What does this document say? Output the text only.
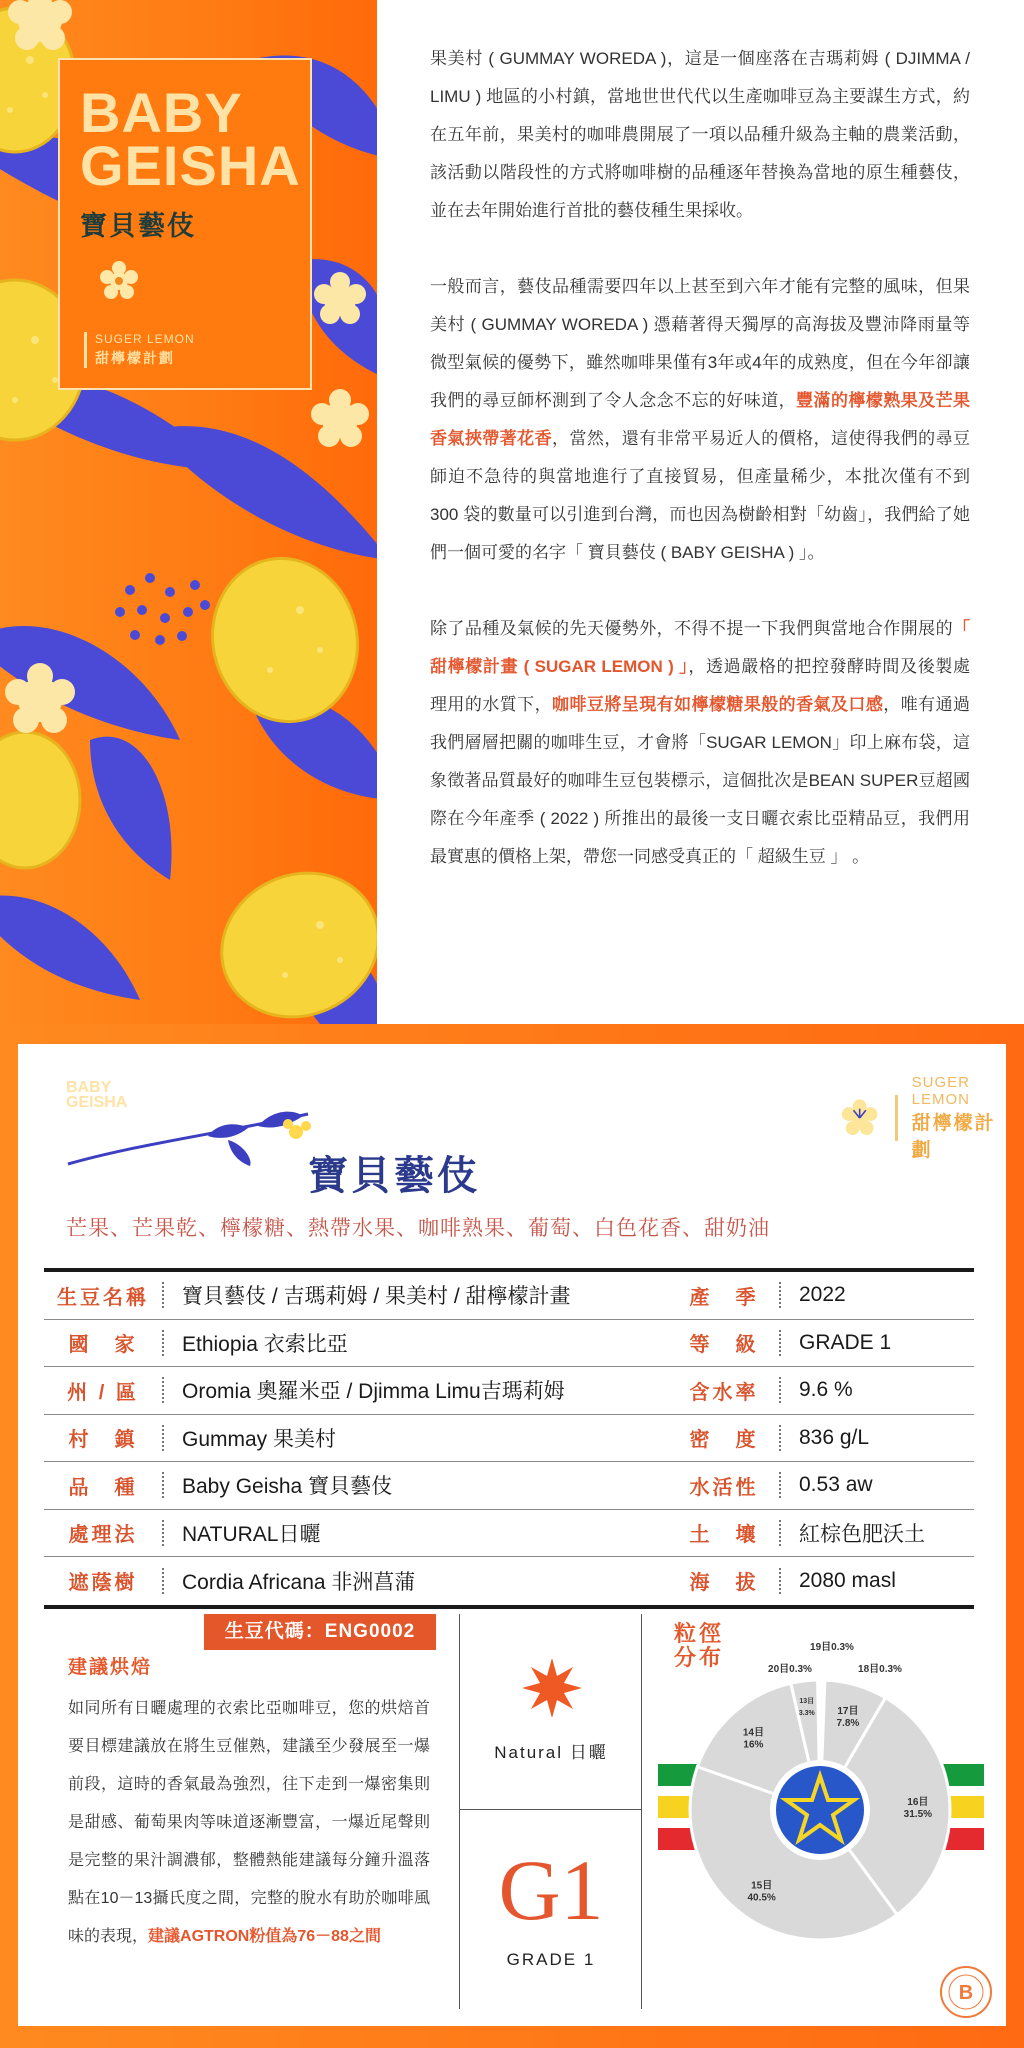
BABY
GEISHA
寶貝藝伎
SUGER LEMON
甜檸檬計劃

果美村 ( GUMMAY WOREDA )，這是一個座落在吉瑪莉姆 ( DJIMMA / LIMU ) 地區的小村鎮，當地世世代代以生產咖啡豆為主要謀生方式，約在五年前，果美村的咖啡農開展了一項以品種升級為主軸的農業活動，該活動以階段性的方式將咖啡樹的品種逐年替換為當地的原生種藝伎，並在去年開始進行首批的藝伎種生果採收。

一般而言，藝伎品種需要四年以上甚至到六年才能有完整的風味，但果美村 ( GUMMAY WOREDA ) 憑藉著得天獨厚的高海拔及豐沛降雨量等微型氣候的優勢下，雖然咖啡果僅有3年或4年的成熟度，但在今年卻讓我們的尋豆師杯測到了令人念念不忘的好味道，豐滿的檸檬熟果及芒果香氣挾帶著花香，當然，還有非常平易近人的價格，這使得我們的尋豆師迫不急待的與當地進行了直接貿易，但產量稀少，本批次僅有不到 300 袋的數量可以引進到台灣，而也因為樹齡相對「幼齒」，我們給了她們一個可愛的名字「 寶貝藝伎 ( BABY GEISHA ) 」。

除了品種及氣候的先天優勢外，不得不提一下我們與當地合作開展的「 甜檸檬計畫 ( SUGAR LEMON ) 」，透過嚴格的把控發酵時間及後製處理用的水質下，咖啡豆將呈現有如檸檬糖果般的香氣及口感，唯有通過我們層層把關的咖啡生豆，才會將「SUGAR LEMON」印上麻布袋，這象徵著品質最好的咖啡生豆包裝標示，這個批次是BEAN SUPER豆超國際在今年產季 ( 2022 ) 所推出的最後一支日曬衣索比亞精品豆，我們用最實惠的價格上架，帶您一同感受真正的「 超級生豆 」 。

BABY
GEISHA
寶貝藝伎
SUGER LEMON
甜檸檬計劃
芒果、芒果乾、檸檬糖、熱帶水果、咖啡熟果、葡萄、白色花香、甜奶油
生豆名稱	寶貝藝伎 / 吉瑪莉姆 / 果美村 / 甜檸檬計畫	產　季	2022
國　家	Ethiopia 衣索比亞	等　級	GRADE 1
州 / 區	Oromia 奧羅米亞 / Djimma Limu吉瑪莉姆	含水率	9.6 %
村　鎮	Gummay 果美村	密　度	836 g/L
品　種	Baby Geisha 寶貝藝伎	水活性	0.53 aw
處理法	NATURAL日曬	土　壤	紅棕色肥沃土
遮蔭樹	Cordia Africana 非洲菖蒲	海　拔	2080 masl
生豆代碼：ENG0002
建議烘焙
如同所有日曬處理的衣索比亞咖啡豆，您的烘焙首要目標建議放在將生豆催熟，建議至少發展至一爆前段，這時的香氣最為強烈，往下走到一爆密集則是甜感、葡萄果肉等味道逐漸豐富，一爆近尾聲則是完整的果汁調濃郁，整體熱能建議每分鐘升溫落點在10－13攝氏度之間，完整的脫水有助於咖啡風味的表現，建議AGTRON粉值為76－88之間
Natural 日曬
G1
GRADE 1
19目0.3%
20目0.3%	18目0.3%
17目 7.8%
16目 31.5%
15目 40.5%
14目 16%
13目 3.3%
粒徑分布
B
